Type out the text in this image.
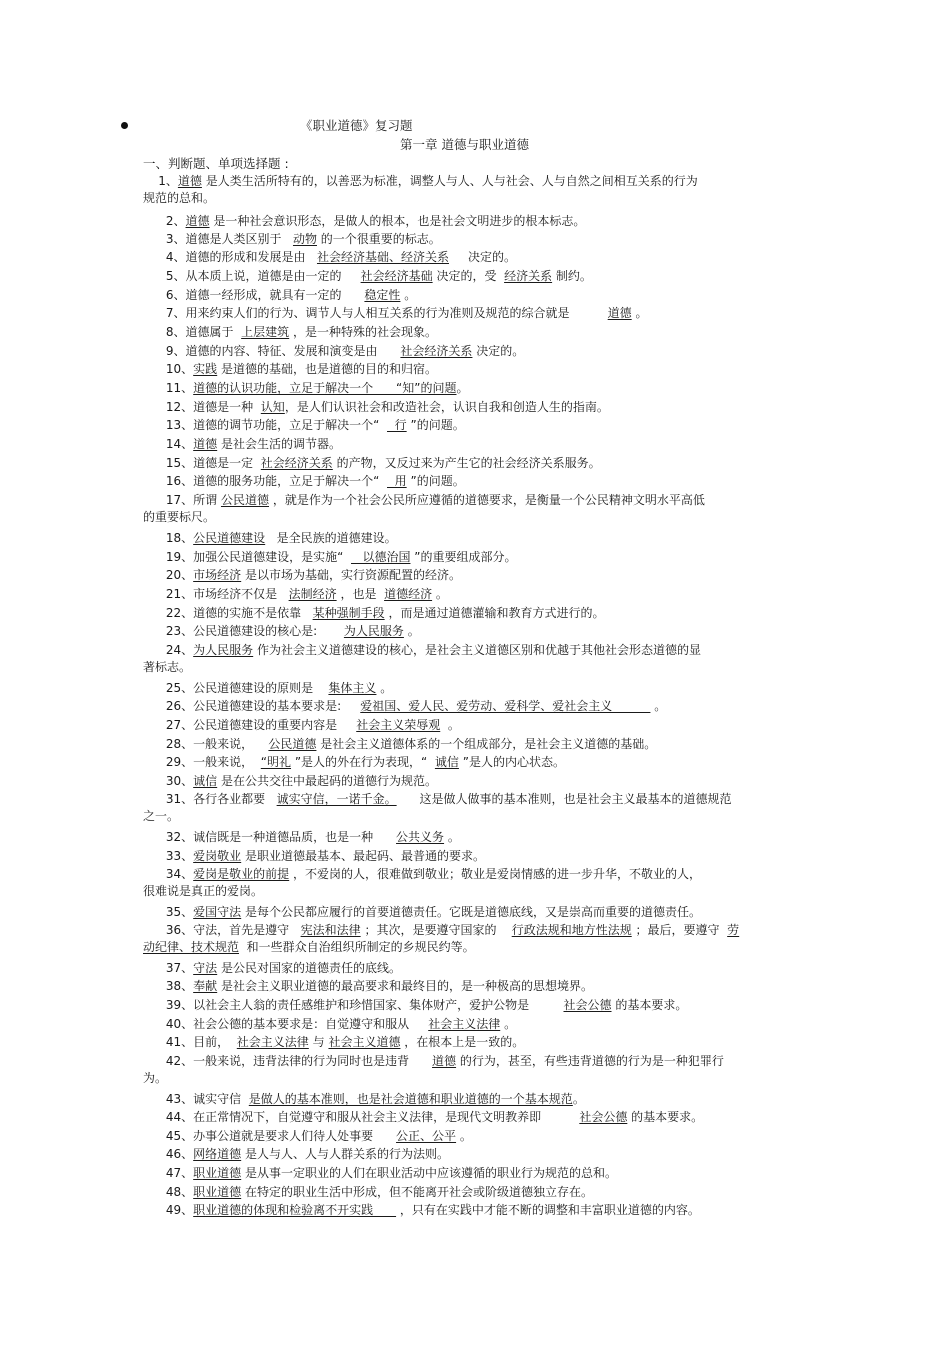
《职业道德》复习题
第一章 道德与职业道德
一、判断题、单项选择题 :
1、道德 是人类生活所特有的，以善恶为标准，调整人与人、人与社会、人与自然之间相互关系的行为
规范的总和。
2、道德 是一种社会意识形态，是做人的根本，也是社会文明进步的根本标志。
3、道德是人类区别于   动物 的一个很重要的标志。
4、道德的形成和发展是由   社会经济基础、经济关系     决定的。
5、从本质上说，道德是由一定的     社会经济基础 决定的，受  经济关系 制约。
6、道德一经形成，就具有一定的      稳定性 。
7、用来约束人们的行为、调节人与人相互关系的行为准则及规范的综合就是          道德 。
8、道德属于  上层建筑 ，是一种特殊的社会现象。
9、道德的内容、特征、发展和演变是由      社会经济关系 决定的。
10、实践 是道德的基础，也是道德的目的和归宿。
11、道德的认识功能，立足于解决一个      “知”的问题。
12、道德是一种  认知，是人们认识社会和改造社会，认识自我和创造人生的指南。
13、道德的调节功能，立足于解决一个“    行 ”的问题。
14、道德 是社会生活的调节器。
15、道德是一定  社会经济关系 的产物，又反过来为产生它的社会经济关系服务。
16、道德的服务功能，立足于解决一个“    用 ”的问题。
17、所谓 公民道德 ，就是作为一个社会公民所应遵循的道德要求，是衡量一个公民精神文明水平高低
的重要标尺。
18、公民道德建设   是全民族的道德建设。
19、加强公民道德建设，是实施“     以德治国 ”的重要组成部分。
20、市场经济 是以市场为基础，实行资源配置的经济。
21、市场经济不仅是   法制经济 ，也是  道德经济 。
22、道德的实施不是依靠   某种强制手段 ，而是通过道德灌输和教育方式进行的。
23、公民道德建设的核心是:       为人民服务 。
24、为人民服务 作为社会主义道德建设的核心，是社会主义道德区别和优越于其他社会形态道德的显
著标志。
25、公民道德建设的原则是    集体主义 。
26、公民道德建设的基本要求是:     爱祖国、爱人民、爱劳动、爱科学、爱社会主义           。
27、公民道德建设的重要内容是     社会主义荣辱观  。
28、一般来说，    公民道德 是社会主义道德体系的一个组成部分，是社会主义道德的基础。
29、一般来说，  “明礼 ”是人的外在行为表现，“  诚信 ”是人的内心状态。
30、诚信 是在公共交往中最起码的道德行为规范。
31、各行各业都要   诚实守信，一诺千金。      这是做人做事的基本准则，也是社会主义最基本的道德规范
之一。
32、诚信既是一种道德品质，也是一种      公共义务 。
33、爱岗敬业 是职业道德最基本、最起码、最普通的要求。
34、爱岗是敬业的前提 ，不爱岗的人，很难做到敬业；敬业是爱岗情感的进一步升华，不敬业的人，
很难说是真正的爱岗。
35、爱国守法 是每个公民都应履行的首要道德责任。它既是道德底线，又是崇高而重要的道德责任。
36、守法，首先是遵守   宪法和法律 ；其次，是要遵守国家的    行政法规和地方性法规 ；最后，要遵守  劳
动纪律、技术规范  和一些群众自治组织所制定的乡规民约等。
37、守法 是公民对国家的道德责任的底线。
38、奉献 是社会主义职业道德的最高要求和最终目的，是一种极高的思想境界。
39、以社会主人翁的责任感维护和珍惜国家、集体财产，爱护公物是         社会公德 的基本要求。
40、社会公德的基本要求是：自觉遵守和服从     社会主义法律 。
41、目前，  社会主义法律 与 社会主义道德 ，在根本上是一致的。
42、一般来说，违背法律的行为同时也是违背      道德 的行为，甚至，有些违背道德的行为是一种犯罪行
为。
43、诚实守信  是做人的基本准则，也是社会道德和职业道德的一个基本规范。
44、在正常情况下，自觉遵守和服从社会主义法律，是现代文明教养即          社会公德 的基本要求。
45、办事公道就是要求人们待人处事要      公正、公平 。
46、网络道德 是人与人、人与人群关系的行为法则。
47、职业道德 是从事一定职业的人们在职业活动中应该遵循的职业行为规范的总和。
48、职业道德 在特定的职业生活中形成，但不能离开社会或阶级道德独立存在。
49、职业道德的体现和检验离不开实践       ，只有在实践中才能不断的调整和丰富职业道德的内容。
